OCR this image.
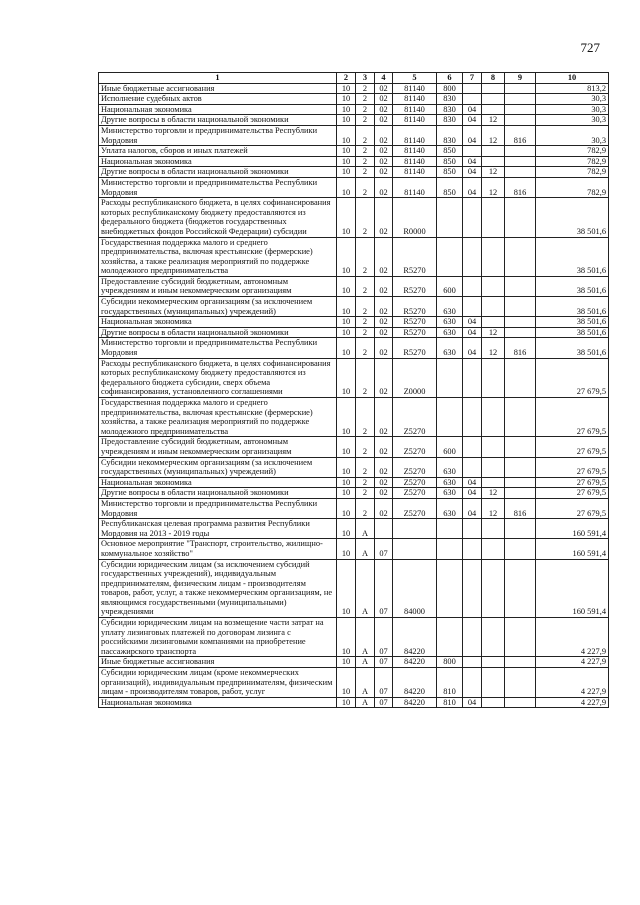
727
1	2	3	4	5	6	7	8	9	10
Иные бюджетные ассигнования	10	2	02	81140	800				813,2
Исполнение судебных актов	10	2	02	81140	830				30,3
Национальная экономика	10	2	02	81140	830	04			30,3
Другие вопросы в области национальной экономики	10	2	02	81140	830	04	12		30,3
Министерство торговли и предпринимательства Республики Мордовия	10	2	02	81140	830	04	12	816	30,3
Уплата налогов, сборов и иных платежей	10	2	02	81140	850				782,9
Национальная экономика	10	2	02	81140	850	04			782,9
Другие вопросы в области национальной экономики	10	2	02	81140	850	04	12		782,9
Министерство торговли и предпринимательства Республики Мордовия	10	2	02	81140	850	04	12	816	782,9
Расходы республиканского бюджета, в целях софинансирования которых республиканскому бюджету предоставляются из федерального бюджета (бюджетов государственных внебюджетных фондов Российской Федерации) субсидии	10	2	02	R0000					38 501,6
Государственная поддержка малого и среднего предпринимательства, включая крестьянские (фермерские) хозяйства, а также реализация мероприятий по поддержке молодежного предпринимательства	10	2	02	R5270					38 501,6
Предоставление субсидий бюджетным, автономным учреждениям и иным некоммерческим организациям	10	2	02	R5270	600				38 501,6
Субсидии некоммерческим организациям (за исключением государственных (муниципальных) учреждений)	10	2	02	R5270	630				38 501,6
Национальная экономика	10	2	02	R5270	630	04			38 501,6
Другие вопросы в области национальной экономики	10	2	02	R5270	630	04	12		38 501,6
Министерство торговли и предпринимательства Республики Мордовия	10	2	02	R5270	630	04	12	816	38 501,6
Расходы республиканского бюджета, в целях софинансирования которых республиканскому бюджету предоставляются из федерального бюджета субсидии, сверх объема софинансирования, установленного соглашениями	10	2	02	Z0000					27 679,5
Государственная поддержка малого и среднего предпринимательства, включая крестьянские (фермерские) хозяйства, а также реализация мероприятий по поддержке молодежного предпринимательства	10	2	02	Z5270					27 679,5
Предоставление субсидий бюджетным, автономным учреждениям и иным некоммерческим организациям	10	2	02	Z5270	600				27 679,5
Субсидии некоммерческим организациям (за исключением государственных (муниципальных) учреждений)	10	2	02	Z5270	630				27 679,5
Национальная экономика	10	2	02	Z5270	630	04			27 679,5
Другие вопросы в области национальной экономики	10	2	02	Z5270	630	04	12		27 679,5
Министерство торговли и предпринимательства Республики Мордовия	10	2	02	Z5270	630	04	12	816	27 679,5
Республиканская целевая программа развития Республики Мордовия на 2013 - 2019 годы	10	А							160 591,4
Основное мероприятие "Транспорт, строительство, жилищно-коммунальное хозяйство"	10	А	07						160 591,4
Субсидии юридическим лицам (за исключением субсидий государственных учреждений), индивидуальным предпринимателям, физическим лицам - производителям товаров, работ, услуг, а также некоммерческим организациям, не являющимся государственными (муниципальными) учреждениями	10	А	07	84000					160 591,4
Субсидии юридическим лицам на возмещение части затрат на уплату лизинговых платежей по договорам лизинга с российскими лизинговыми компаниями на приобретение пассажирского транспорта	10	А	07	84220					4 227,9
Иные бюджетные ассигнования	10	А	07	84220	800				4 227,9
Субсидии юридическим лицам (кроме некоммерческих организаций), индивидуальным предпринимателям, физическим лицам - производителям товаров, работ, услуг	10	А	07	84220	810				4 227,9
Национальная экономика	10	А	07	84220	810	04			4 227,9
